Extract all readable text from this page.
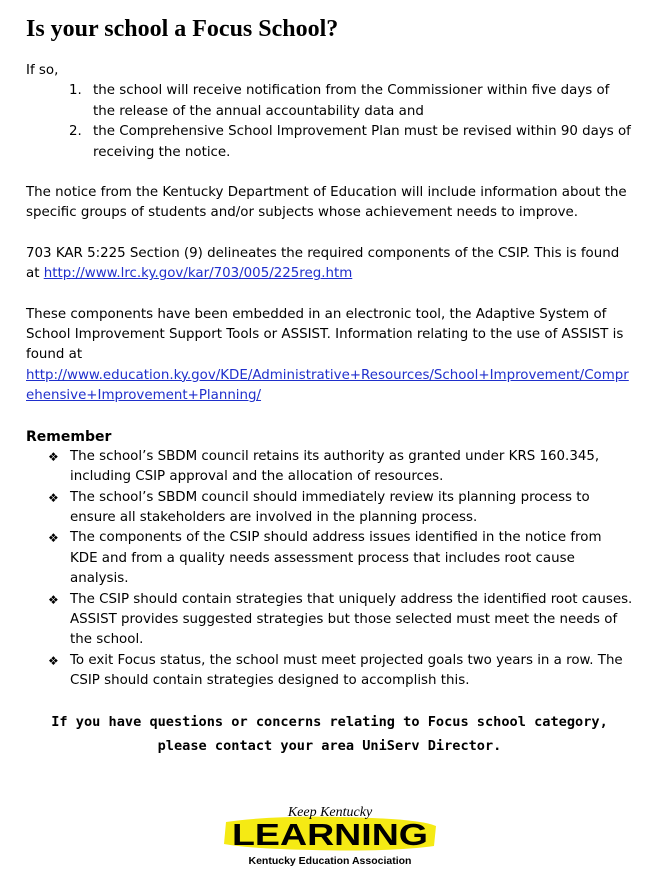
Is your school a Focus School?

If so,

1. the school will receive notification from the Commissioner within five days of the release of the annual accountability data and
2. the Comprehensive School Improvement Plan must be revised within 90 days of receiving the notice.

The notice from the Kentucky Department of Education will include information about the specific groups of students and/or subjects whose achievement needs to improve.

703 KAR 5:225 Section (9) delineates the required components of the CSIP. This is found at http://www.lrc.ky.gov/kar/703/005/225reg.htm

These components have been embedded in an electronic tool, the Adaptive System of School Improvement Support Tools or ASSIST. Information relating to the use of ASSIST is found at
http://www.education.ky.gov/KDE/Administrative+Resources/School+Improvement/Comprehensive+Improvement+Planning/

Remember

❖ The school’s SBDM council retains its authority as granted under KRS 160.345, including CSIP approval and the allocation of resources.
❖ The school’s SBDM council should immediately review its planning process to ensure all stakeholders are involved in the planning process.
❖ The components of the CSIP should address issues identified in the notice from KDE and from a quality needs assessment process that includes root cause analysis.
❖ The CSIP should contain strategies that uniquely address the identified root causes. ASSIST provides suggested strategies but those selected must meet the needs of the school.
❖ To exit Focus status, the school must meet projected goals two years in a row. The CSIP should contain strategies designed to accomplish this.

If you have questions or concerns relating to Focus school category,

please contact your area UniServ Director.

Keep Kentucky
LEARNING
Kentucky Education Association
